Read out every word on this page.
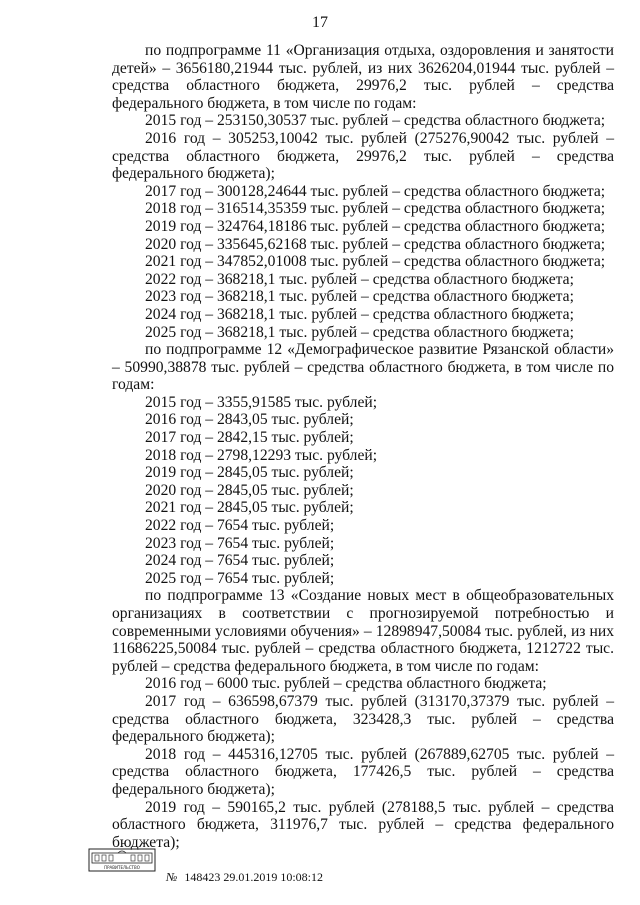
17

по подпрограмме 11 «Организация отдыха, оздоровления и занятости детей» – 3656180,21944 тыс. рублей, из них 3626204,01944 тыс. рублей – средства областного бюджета, 29976,2 тыс. рублей – средства федерального бюджета, в том числе по годам:

2015 год – 253150,30537 тыс. рублей – средства областного бюджета;

2016 год – 305253,10042 тыс. рублей (275276,90042 тыс. рублей – средства областного бюджета, 29976,2 тыс. рублей – средства федерального бюджета);

2017 год – 300128,24644 тыс. рублей – средства областного бюджета;

2018 год – 316514,35359 тыс. рублей – средства областного бюджета;

2019 год – 324764,18186 тыс. рублей – средства областного бюджета;

2020 год – 335645,62168 тыс. рублей – средства областного бюджета;

2021 год – 347852,01008 тыс. рублей – средства областного бюджета;

2022 год – 368218,1 тыс. рублей – средства областного бюджета;

2023 год – 368218,1 тыс. рублей – средства областного бюджета;

2024 год – 368218,1 тыс. рублей – средства областного бюджета;

2025 год – 368218,1 тыс. рублей – средства областного бюджета;

по подпрограмме 12 «Демографическое развитие Рязанской области» – 50990,38878 тыс. рублей – средства областного бюджета, в том числе по годам:

2015 год – 3355,91585 тыс. рублей;

2016 год – 2843,05 тыс. рублей;

2017 год – 2842,15 тыс. рублей;

2018 год – 2798,12293 тыс. рублей;

2019 год – 2845,05 тыс. рублей;

2020 год – 2845,05 тыс. рублей;

2021 год – 2845,05 тыс. рублей;

2022 год – 7654 тыс. рублей;

2023 год – 7654 тыс. рублей;

2024 год – 7654 тыс. рублей;

2025 год – 7654 тыс. рублей;

по подпрограмме 13 «Создание новых мест в общеобразовательных организациях в соответствии с прогнозируемой потребностью и современными условиями обучения» – 12898947,50084 тыс. рублей, из них 11686225,50084 тыс. рублей – средства областного бюджета, 1212722 тыс. рублей – средства федерального бюджета, в том числе по годам:

2016 год – 6000 тыс. рублей – средства областного бюджета;

2017 год – 636598,67379 тыс. рублей (313170,37379 тыс. рублей – средства областного бюджета, 323428,3 тыс. рублей – средства федерального бюджета);

2018 год – 445316,12705 тыс. рублей (267889,62705 тыс. рублей – средства областного бюджета, 177426,5 тыс. рублей – средства федерального бюджета);

2019 год – 590165,2 тыс. рублей (278188,5 тыс. рублей – средства областного бюджета, 311976,7 тыс. рублей – средства федерального бюджета);

ПРАВИТЕЛЬСТВО
№ 148423 29.01.2019 10:08:12
